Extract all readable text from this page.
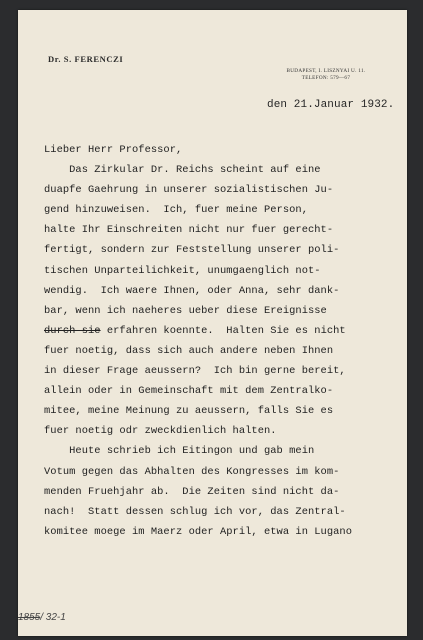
Dr. S. FERENCZI
BUDAPEST, I. LISZNYAI U. 11.
TELEFON: 579—67
den 21.Januar 1932.
Lieber Herr Professor,
Das Zirkular Dr. Reichs scheint auf eine
duapfe Gaehrung in unserer sozialistischen Ju-
gend hinzuweisen.  Ich, fuer meine Person,
halte Ihr Einschreiten nicht nur fuer gerecht-
fertigt, sondern zur Feststellung unserer poli-
tischen Unparteilichkeit, unumgaenglich not-
wendig.  Ich waere Ihnen, oder Anna, sehr dank-
bar, wenn ich naeheres ueber diese Ereignisse
durch sie erfahren koennte.  Halten Sie es nicht
fuer noetig, dass sich auch andere neben Ihnen
in dieser Frage aeussern?  Ich bin gerne bereit,
allein oder in Gemeinschaft mit dem Zentralko-
mitee, meine Meinung zu aeussern, falls Sie es
fuer noetig odr zweckdienlich halten.
Heute schrieb ich Eitingon und gab mein
Votum gegen das Abhalten des Kongresses im kom-
menden Fruehjahr ab.  Die Zeiten sind nicht da-
nach!  Statt dessen schlug ich vor, das Zentral-
komitee moege im Maerz oder April, etwa in Lugano
1855/ 32-1
